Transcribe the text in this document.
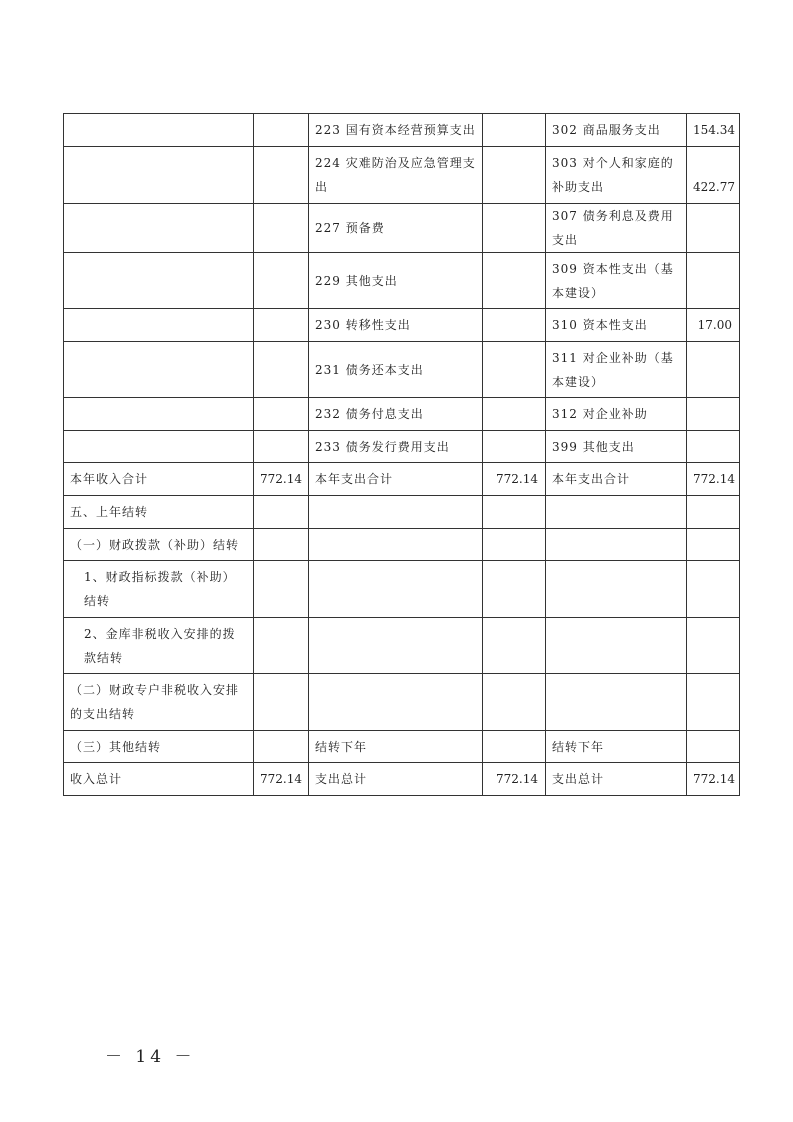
		223 国有资本经营预算支出		302 商品服务支出	154.34
		224 灾难防治及应急管理支出		303 对个人和家庭的补助支出	422.77
		227 预备费		307 债务利息及费用支出	
		229 其他支出		309 资本性支出（基本建设）	
		230 转移性支出		310 资本性支出	17.00
		231 债务还本支出		311 对企业补助（基本建设）	
		232 债务付息支出		312 对企业补助	
		233 债务发行费用支出		399 其他支出	
本年收入合计	772.14	本年支出合计	772.14	本年支出合计	772.14
五、上年结转					
（一）财政拨款（补助）结转					
1、财政指标拨款（补助）结转					
2、金库非税收入安排的拨款结转					
（二）财政专户非税收入安排的支出结转					
（三）其他结转		结转下年		结转下年	
收入总计	772.14	支出总计	772.14	支出总计	772.14
－ 14 －
